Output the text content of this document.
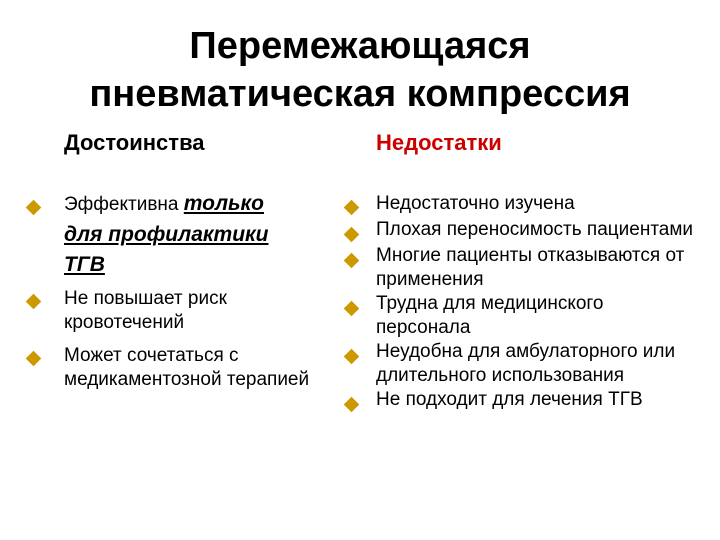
Перемежающаяся
пневматическая компрессия
Достоинства	Недостатки
Эффективна только
для профилактики
ТГВ
Не повышает риск
кровотечений
Может сочетаться с
медикаментозной терапией
Недостаточно изучена
Плохая переносимость пациентами
Многие пациенты отказываются от
применения
Трудна для медицинского
персонала
Неудобна для амбулаторного или
длительного использования
Не подходит для лечения ТГВ
